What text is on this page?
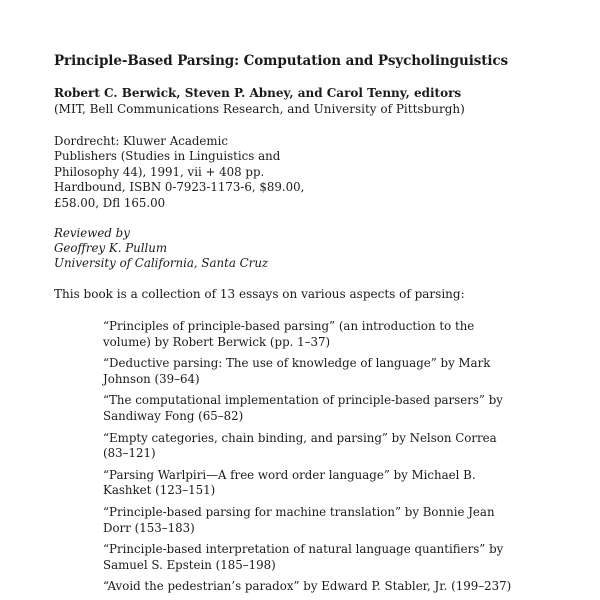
Principle-Based Parsing: Computation and Psycholinguistics
Robert C. Berwick, Steven P. Abney, and Carol Tenny, editors
(MIT, Bell Communications Research, and University of Pittsburgh)
Dordrecht: Kluwer Academic
Publishers (Studies in Linguistics and
Philosophy 44), 1991, vii + 408 pp.
Hardbound, ISBN 0-7923-1173-6, $89.00,
£58.00, Dfl 165.00
Reviewed by
Geoffrey K. Pullum
University of California, Santa Cruz
This book is a collection of 13 essays on various aspects of parsing:

“Principles of principle-based parsing” (an introduction to the volume) by Robert Berwick (pp. 1–37)

“Deductive parsing: The use of knowledge of language” by Mark Johnson (39–64)

“The computational implementation of principle-based parsers” by Sandiway Fong (65–82)

“Empty categories, chain binding, and parsing” by Nelson Correa (83–121)

“Parsing Warlpiri—A free word order language” by Michael B. Kashket (123–151)

“Principle-based parsing for machine translation” by Bonnie Jean Dorr (153–183)

“Principle-based interpretation of natural language quantifiers” by Samuel S. Epstein (185–198)

“Avoid the pedestrian’s paradox” by Edward P. Stabler, Jr. (199–237)
